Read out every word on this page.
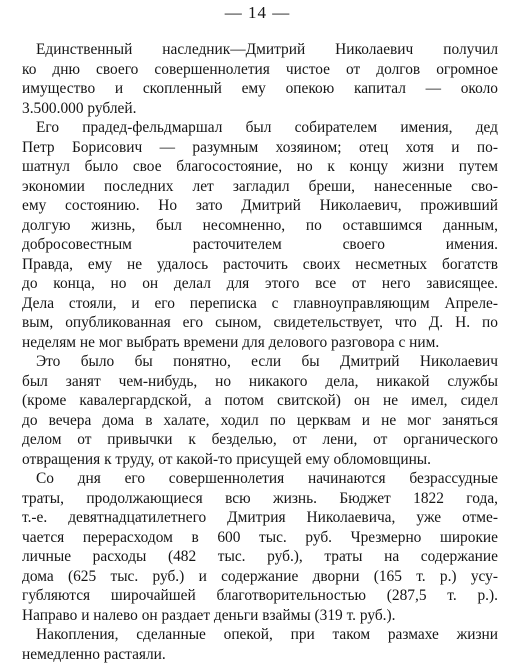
— 14 —
Единственный наследник—Дмитрий Николаевич получил
ко дню своего совершеннолетия чистое от долгов огромное
имущество и скопленный ему опекою капитал — около
3.500.000 рублей.
Его прадед-фельдмаршал был собирателем имения, дед
Петр Борисович — разумным хозяином; отец хотя и по-
шатнул было свое благосостояние, но к концу жизни путем
экономии последних лет загладил бреши, нанесенные сво-
ему состоянию. Но зато Дмитрий Николаевич, проживший
долгую жизнь, был несомненно, по оставшимся данным,
добросовестным расточителем своего имения.
Правда, ему не удалось расточить своих несметных богатств
до конца, но он делал для этого все от него зависящее.
Дела стояли, и его переписка с главноуправляющим Апреле-
вым, опубликованная его сыном, свидетельствует, что Д. Н. по
неделям не мог выбрать времени для делового разговора с ним.
Это было бы понятно, если бы Дмитрий Николаевич
был занят чем-нибудь, но никакого дела, никакой службы
(кроме кавалергардской, а потом свитской) он не имел, сидел
до вечера дома в халате, ходил по церквам и не мог заняться
делом от привычки к безделью, от лени, от органического
отвращения к труду, от какой-то присущей ему обломовщины.
Со дня его совершеннолетия начинаются безрассудные
траты, продолжающиеся всю жизнь. Бюджет 1822 года,
т.-е. девятнадцатилетнего Дмитрия Николаевича, уже отме-
чается перерасходом в 600 тыс. руб. Чрезмерно широкие
личные расходы (482 тыс. руб.), траты на содержание
дома (625 тыс. руб.) и содержание дворни (165 т. р.) усу-
губляются широчайшей благотворительностью (287,5 т. р.).
Направо и налево он раздает деньги взаймы (319 т. руб.).
Накопления, сделанные опекой, при таком размахе жизни
немедленно растаяли.
